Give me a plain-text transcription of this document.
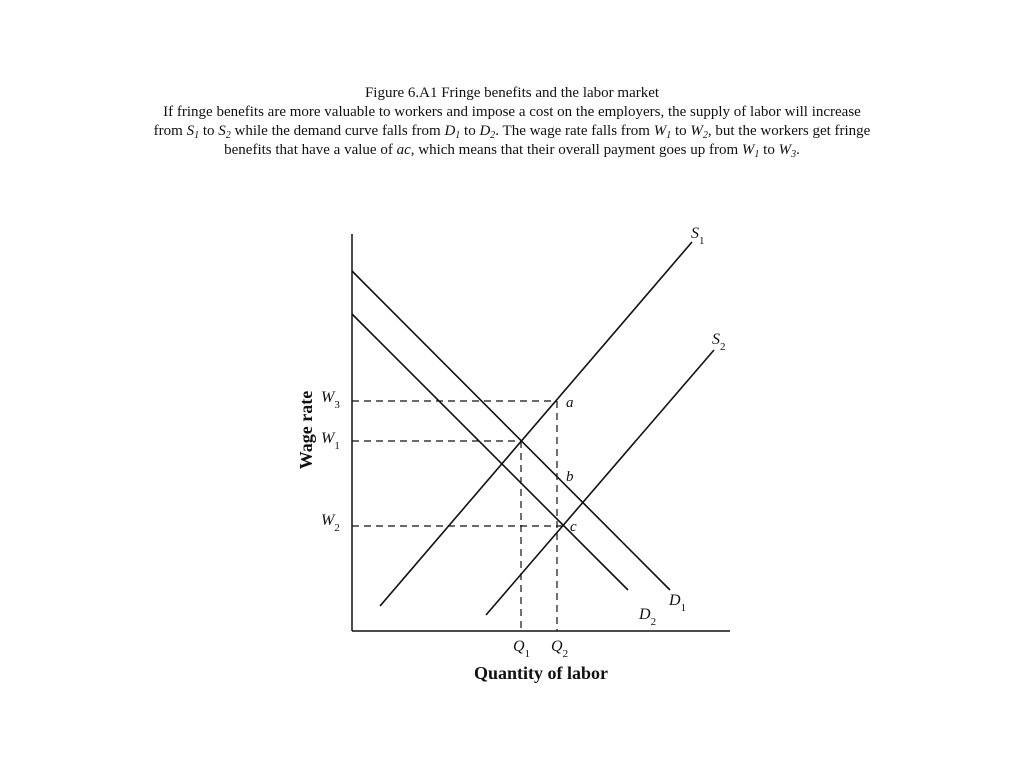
Figure 6.A1 Fringe benefits and the labor market
If fringe benefits are more valuable to workers and impose a cost on the employers, the supply of labor will increase from $S_1$ to $S_2$ while the demand curve falls from $D_1$ to $D_2$. The wage rate falls from $W_1$ to $W_2$, but the workers get fringe benefits that have a value of ac, which means that their overall payment goes up from $W_1$ to $W_3$.
$S_1$
$S_2$
$D_1$
$D_2$
$W_3$
$W_1$
$W_2$
$Q_1$ $Q_2$
a
b
c
Quantity of labor
Wage rate
